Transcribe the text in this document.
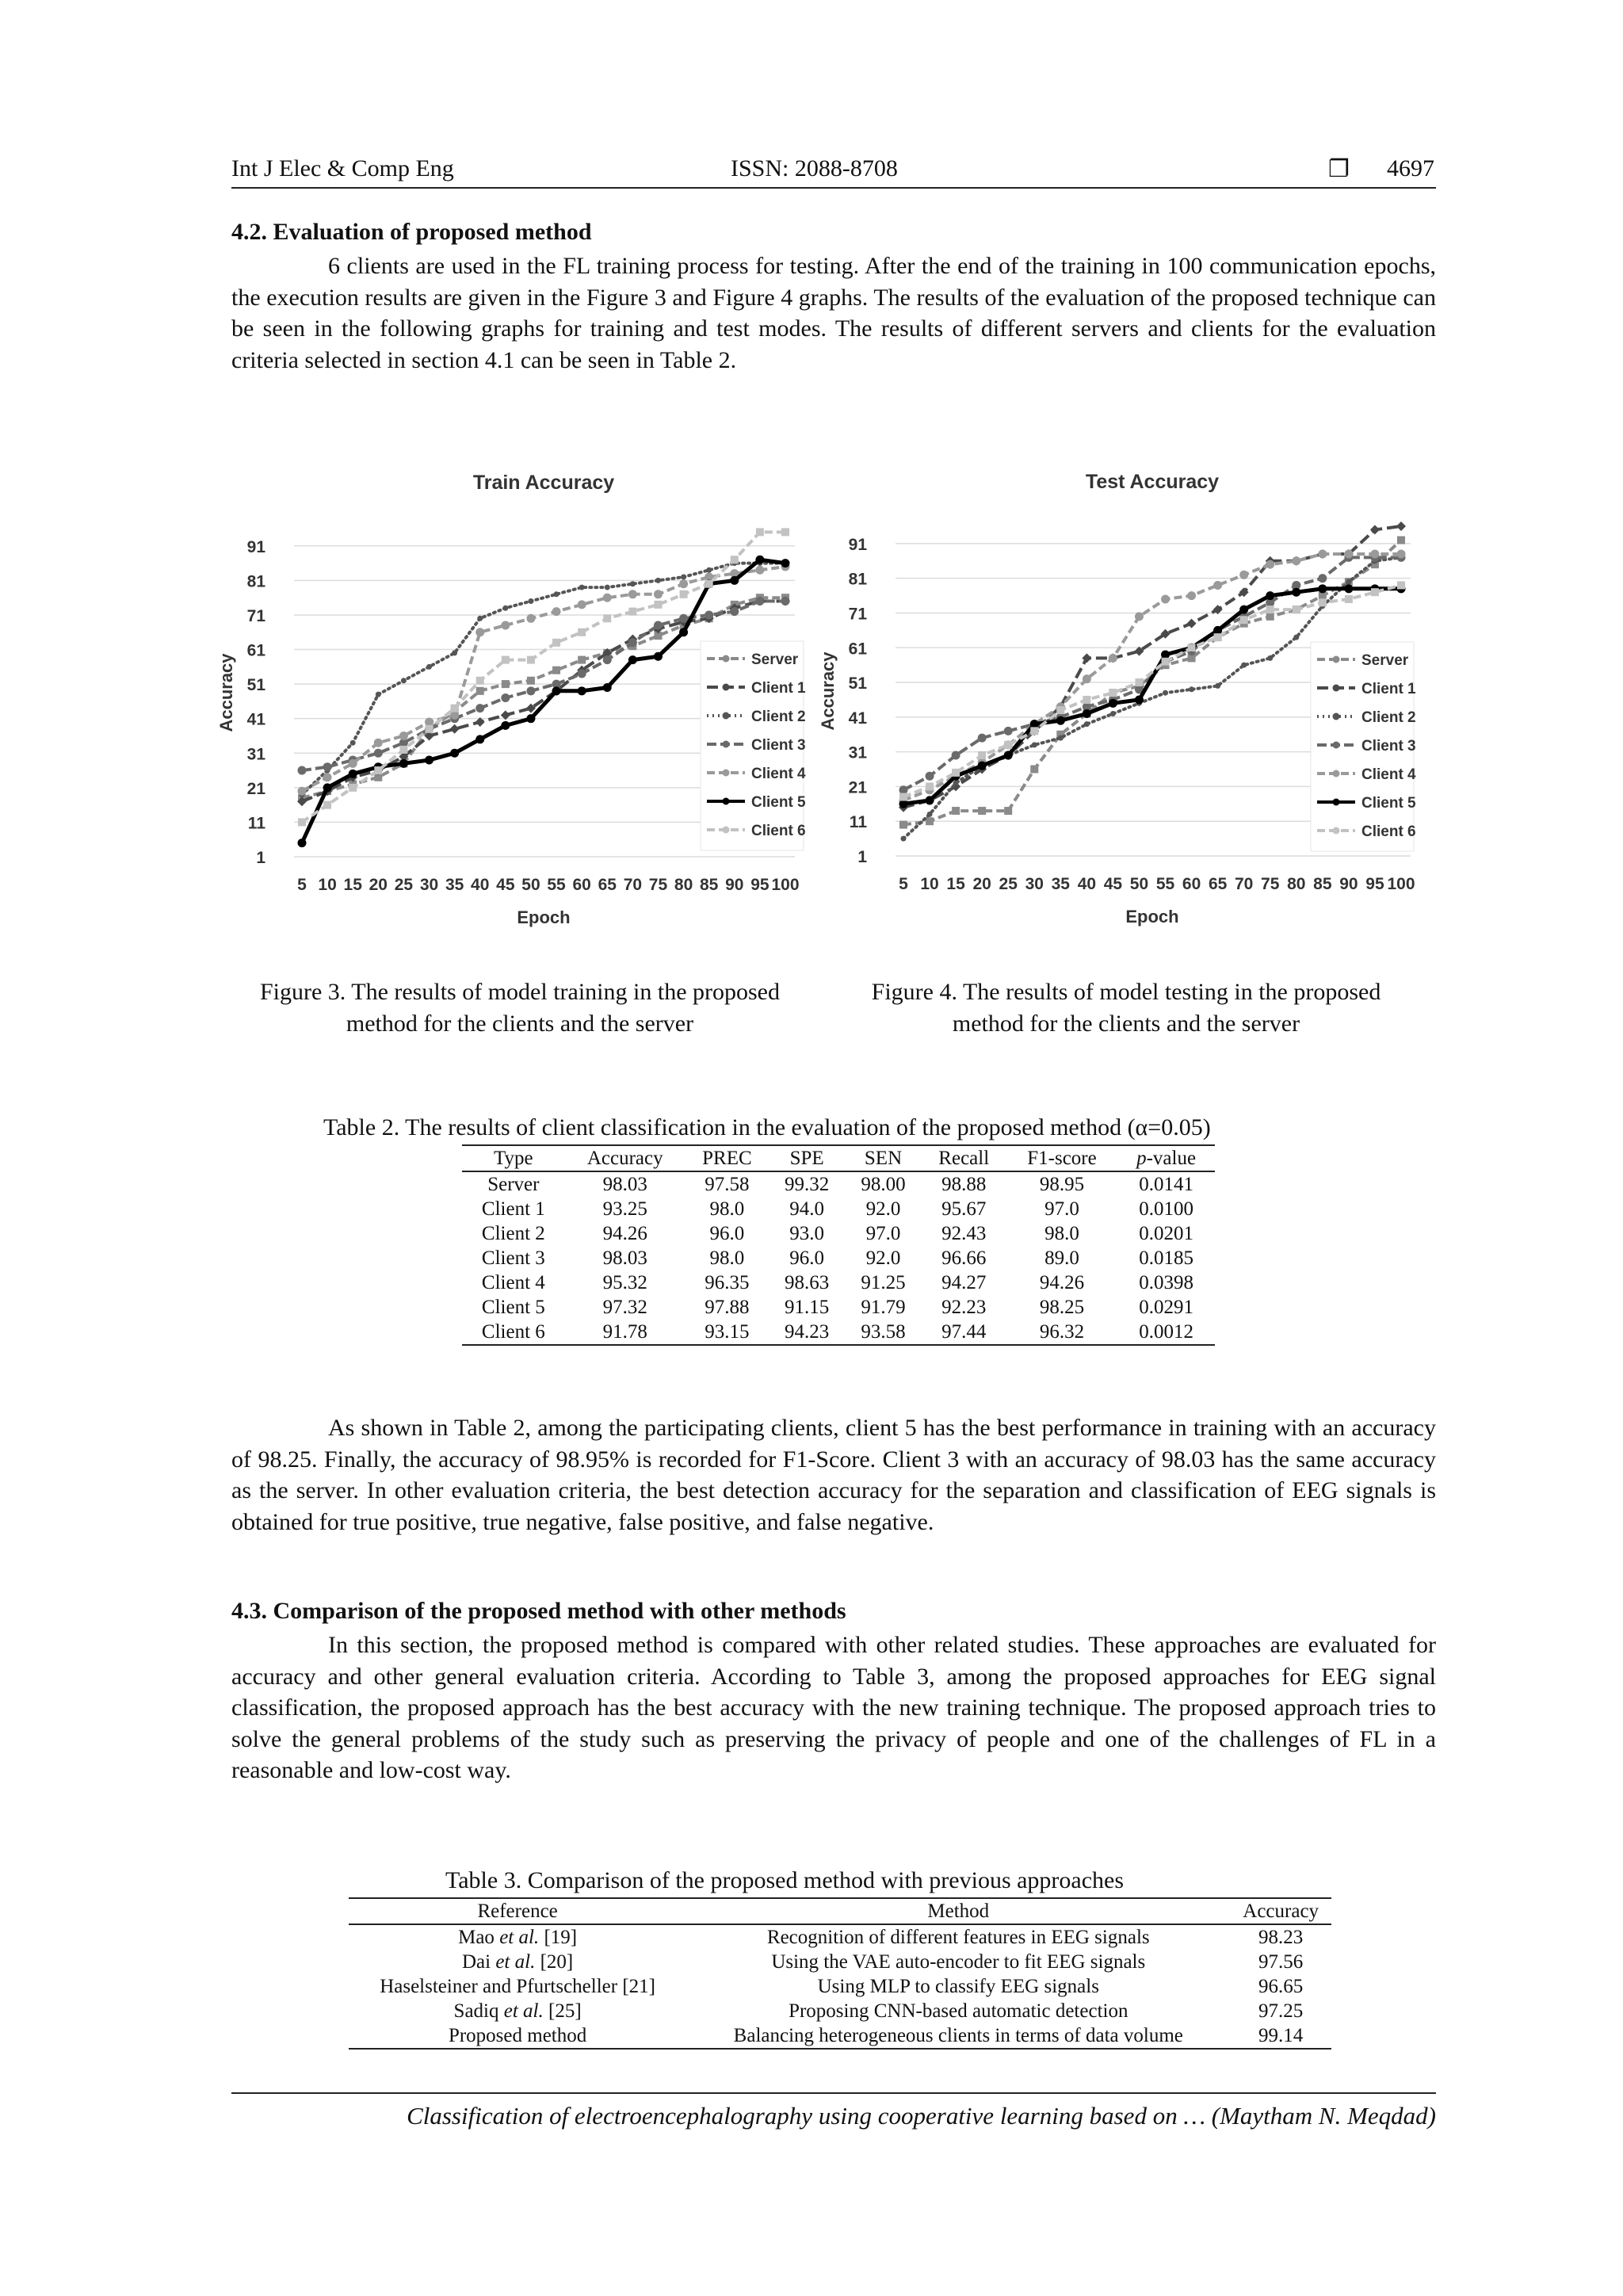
Int J Elec & Comp Eng	ISSN: 2088-8708	❐ 4697
4.2. Evaluation of proposed method
6 clients are used in the FL training process for testing. After the end of the training in 100 communication epochs, the execution results are given in the Figure 3 and Figure 4 graphs. The results of the evaluation of the proposed technique can be seen in the following graphs for training and test modes. The results of different servers and clients for the evaluation criteria selected in section 4.1 can be seen in Table 2.
1
11
21
31
41
51
61
71
81
91
5 10 15 20 25 30 35 40 45 50 55 60 65 70 75 80 85 90 95 100
Train Accuracy
Epoch
Accuracy	Server
Client 1
Client 2
Client 3
Client 4
Client 5
Client 6
1
11
21
31
41
51
61
71
81
91
5 10 15 20 25 30 35 40 45 50 55 60 65 70 75 80 85 90 95 100
Test Accuracy
Epoch
Accuracy	Server
Client 1
Client 2
Client 3
Client 4
Client 5
Client 6
Figure 3. The results of model training in the proposed method for the clients and the server
Figure 4. The results of model testing in the proposed method for the clients and the server
Table 2. The results of client classification in the evaluation of the proposed method (α=0.05)
Type	Accuracy	PREC	SPE	SEN	Recall	F1-score	p-value
Server	98.03	97.58	99.32	98.00	98.88	98.95	0.0141
Client 1	93.25	98.0	94.0	92.0	95.67	97.0	0.0100
Client 2	94.26	96.0	93.0	97.0	92.43	98.0	0.0201
Client 3	98.03	98.0	96.0	92.0	96.66	89.0	0.0185
Client 4	95.32	96.35	98.63	91.25	94.27	94.26	0.0398
Client 5	97.32	97.88	91.15	91.79	92.23	98.25	0.0291
Client 6	91.78	93.15	94.23	93.58	97.44	96.32	0.0012
As shown in Table 2, among the participating clients, client 5 has the best performance in training with an accuracy of 98.25. Finally, the accuracy of 98.95% is recorded for F1-Score. Client 3 with an accuracy of 98.03 has the same accuracy as the server. In other evaluation criteria, the best detection accuracy for the separation and classification of EEG signals is obtained for true positive, true negative, false positive, and false negative.
4.3. Comparison of the proposed method with other methods
In this section, the proposed method is compared with other related studies. These approaches are evaluated for accuracy and other general evaluation criteria. According to Table 3, among the proposed approaches for EEG signal classification, the proposed approach has the best accuracy with the new training technique. The proposed approach tries to solve the general problems of the study such as preserving the privacy of people and one of the challenges of FL in a reasonable and low-cost way.
Table 3. Comparison of the proposed method with previous approaches
Reference	Method	Accuracy
Mao et al. [19]	Recognition of different features in EEG signals	98.23
Dai et al. [20]	Using the VAE auto-encoder to fit EEG signals	97.56
Haselsteiner and Pfurtscheller [21]	Using MLP to classify EEG signals	96.65
Sadiq et al. [25]	Proposing CNN-based automatic detection	97.25
Proposed method	Balancing heterogeneous clients in terms of data volume	99.14
Classification of electroencephalography using cooperative learning based on … (Maytham N. Meqdad)
